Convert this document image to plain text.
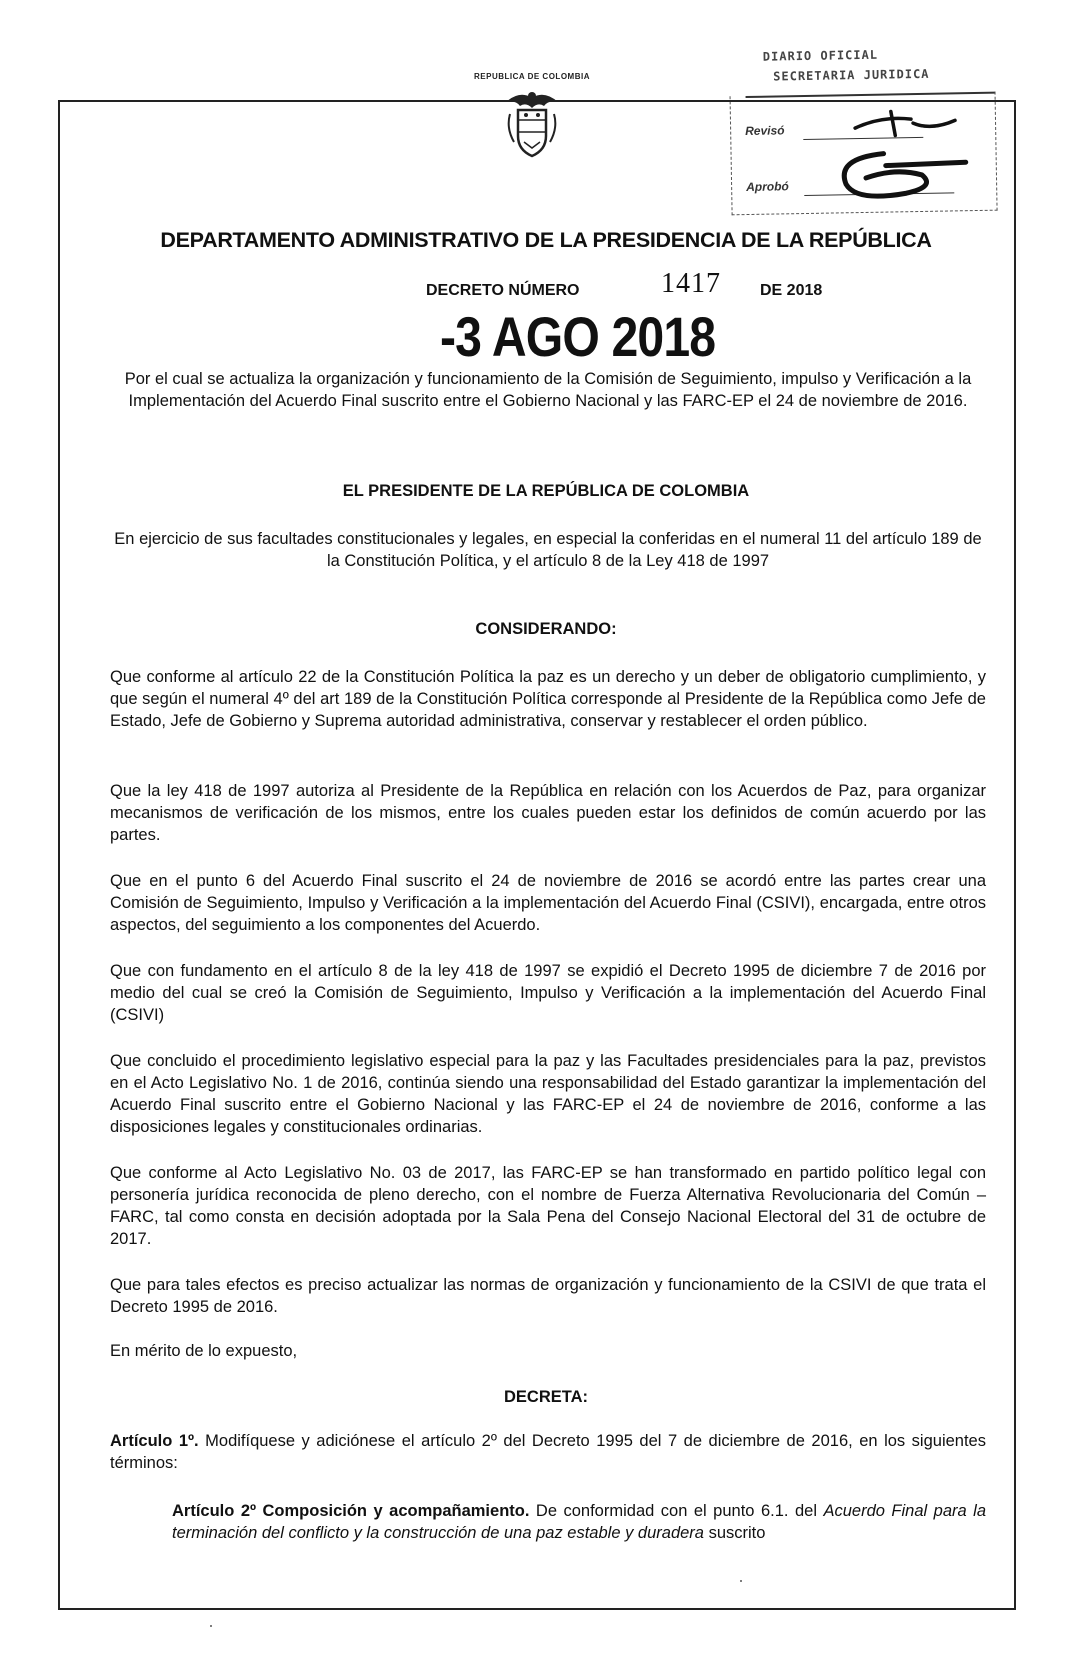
REPUBLICA DE COLOMBIA
DIARIO OFICIAL
SECRETARIA JURIDICA
Revisó
Aprobó
DEPARTAMENTO ADMINISTRATIVO DE LA PRESIDENCIA DE LA REPÚBLICA
DECRETO NÚMERO	1417 DE 2018
-3 AGO 2018
Por el cual se actualiza la organización y funcionamiento de la Comisión de Seguimiento, impulso y Verificación a la Implementación del Acuerdo Final suscrito entre el Gobierno Nacional y las FARC-EP el 24 de noviembre de 2016.
EL PRESIDENTE DE LA REPÚBLICA DE COLOMBIA
En ejercicio de sus facultades constitucionales y legales, en especial la conferidas en el numeral 11 del artículo 189 de la Constitución Política, y el artículo 8 de la Ley 418 de 1997
CONSIDERANDO:
Que conforme al artículo 22 de la Constitución Política la paz es un derecho y un deber de obligatorio cumplimiento, y que según el numeral 4º del art 189 de la Constitución Política corresponde al Presidente de la República como Jefe de Estado, Jefe de Gobierno y Suprema autoridad administrativa, conservar y restablecer el orden público.
Que la ley 418 de 1997 autoriza al Presidente de la República en relación con los Acuerdos de Paz, para organizar mecanismos de verificación de los mismos, entre los cuales pueden estar los definidos de común acuerdo por las partes.
Que en el punto 6 del Acuerdo Final suscrito el 24 de noviembre de 2016 se acordó entre las partes crear una Comisión de Seguimiento, Impulso y Verificación a la implementación del Acuerdo Final (CSIVI), encargada, entre otros aspectos, del seguimiento a los componentes del Acuerdo.
Que con fundamento en el artículo 8 de la ley 418 de 1997 se expidió el Decreto 1995 de diciembre 7 de 2016 por medio del cual se creó la Comisión de Seguimiento, Impulso y Verificación a la implementación del Acuerdo Final (CSIVI)
Que concluido el procedimiento legislativo especial para la paz y las Facultades presidenciales para la paz, previstos en el Acto Legislativo No. 1 de 2016, continúa siendo una responsabilidad del Estado garantizar la implementación del Acuerdo Final suscrito entre el Gobierno Nacional y las FARC-EP el 24 de noviembre de 2016, conforme a las disposiciones legales y constitucionales ordinarias.
Que conforme al Acto Legislativo No. 03 de 2017, las FARC-EP se han transformado en partido político legal con personería jurídica reconocida de pleno derecho, con el nombre de Fuerza Alternativa Revolucionaria del Común –FARC, tal como consta en decisión adoptada por la Sala Pena del Consejo Nacional Electoral del 31 de octubre de 2017.
Que para tales efectos es preciso actualizar las normas de organización y funcionamiento de la CSIVI de que trata el Decreto 1995 de 2016.
En mérito de lo expuesto,
DECRETA:
Artículo 1º. Modifíquese y adiciónese el artículo 2º del Decreto 1995 del 7 de diciembre de 2016, en los siguientes términos:
Artículo 2º Composición y acompañamiento. De conformidad con el punto 6.1. del Acuerdo Final para la terminación del conflicto y la construcción de una paz estable y duradera suscrito
